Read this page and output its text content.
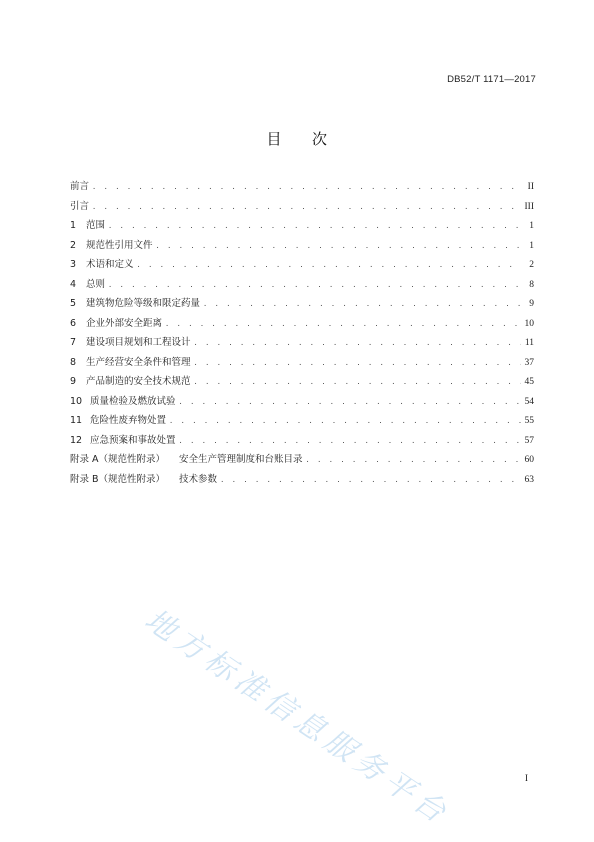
DB52/T 1171—2017
目 次
前言 . . .	II
引言 . . .	III
1 范围 . . .	1
2 规范性引用文件 . . .	1
3 术语和定义 . . .	2
4 总则 . . .	8
5 建筑物危险等级和限定药量 . . .	9
6 企业外部安全距离 . . .	10
7 建设项目规划和工程设计 . . .	11
8 生产经营安全条件和管理 . . .	37
9 产品制造的安全技术规范 . . .	45
10 质量检验及燃放试验 . . .	54
11 危险性废弃物处置 . . .	55
12 应急预案和事故处置 . . .	57
附录 A（规范性附录） 安全生产管理制度和台账目录 . . .	60
附录 B（规范性附录） 技术参数 . . .	63
地方标准信息服务平台	I
